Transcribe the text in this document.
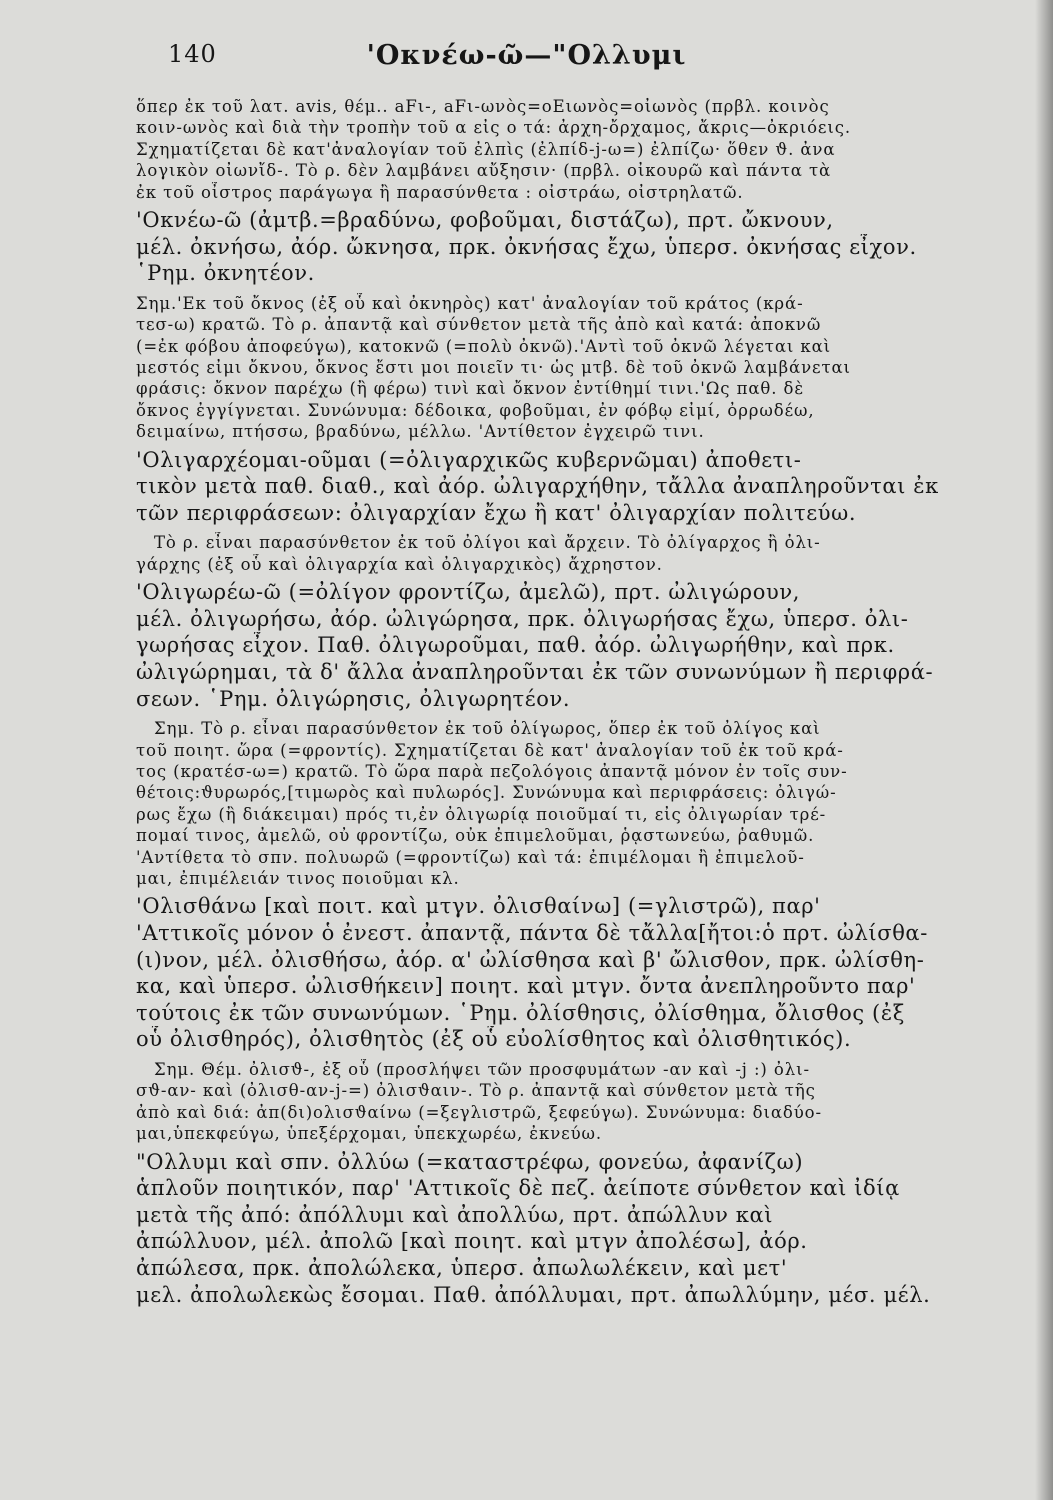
140	'Οκνέω-ῶ—"Ολλυμι
ὅπερ ἐκ τοῦ λατ. avis, θέμ.. aFι-, aFι-ωνὸς=οΕιωνὸς=οἰωνὸς (πρβλ. κοινὸς
κοιν-ωνὸς καὶ διὰ τὴν τροπὴν τοῦ α εἰς ο τά: ἀρχη-ὄρχαμος, ἄκρις—ὀκριόεις.
Σχηματίζεται δὲ κατ'ἀναλογίαν τοῦ ἐλπὶς (ἐλπίδ-j-ω=) ἐλπίζω· ὅθεν ϑ. ἀνα
λογικὸν οἰωνἴδ-. Τὸ ρ. δὲν λαμβάνει αὔξησιν· (πρβλ. οἰκουρῶ καὶ πάντα τὰ
ἐκ τοῦ οἶστρος παράγωγα ἢ παρασύνθετα : οἰστράω, οἰστρηλατῶ.
'Οκνέω-ῶ (ἀμτβ.=βραδύνω, φοβοῦμαι, διστάζω), πρτ. ὤκνουν,
μέλ. ὀκνήσω, ἀόρ. ὤκνησα, πρκ. ὀκνήσας ἔχω, ὑπερσ. ὀκνήσας εἶχον.
῾Ρημ. ὀκνητέον.
Σημ.'Εκ τοῦ ὄκνος (ἐξ οὗ καὶ ὀκνηρὸς) κατ' ἀναλογίαν τοῦ κράτος (κρά-
τεσ-ω) κρατῶ. Τὸ ρ. ἀπαντᾷ καὶ σύνθετον μετὰ τῆς ἀπὸ καὶ κατά: ἀποκνῶ
(=ἐκ φόβου ἀποφεύγω), κατοκνῶ (=πολὺ ὀκνῶ).'Αντὶ τοῦ ὀκνῶ λέγεται καὶ
μεστός εἰμι ὄκνου, ὄκνος ἔστι μοι ποιεῖν τι· ὡς μτβ. δὲ τοῦ ὀκνῶ λαμβάνεται
φράσις: ὄκνον παρέχω (ἢ φέρω) τινὶ καὶ ὄκνον ἐντίθημί τινι.'Ως παθ. δὲ
ὄκνος ἐγγίγνεται. Συνώνυμα: δέδοικα, φοβοῦμαι, ἐν φόβῳ εἰμί, ὀρρωδέω,
δειμαίνω, πτήσσω, βραδύνω, μέλλω. 'Αντίθετον ἐγχειρῶ τινι.
'Ολιγαρχέομαι-οῦμαι (=ὀλιγαρχικῶς κυβερνῶμαι) ἀποθετι-
τικὸν μετὰ παθ. διαθ., καὶ ἀόρ. ὠλιγαρχήθην, τἄλλα ἀναπληροῦνται ἐκ
τῶν περιφράσεων: ὀλιγαρχίαν ἔχω ἢ κατ' ὀλιγαρχίαν πολιτεύω.
Τὸ ρ. εἶναι παρασύνθετον ἐκ τοῦ ὀλίγοι καὶ ἄρχειν. Τὸ ὀλίγαρχος ἢ ὀλι-
γάρχης (ἐξ οὗ καὶ ὀλιγαρχία καὶ ὀλιγαρχικὸς) ἄχρηστον.
'Ολιγωρέω-ῶ (=ὀλίγον φροντίζω, ἀμελῶ), πρτ. ὠλιγώρουν,
μέλ. ὀλιγωρήσω, ἀόρ. ὠλιγώρησα, πρκ. ὀλιγωρήσας ἔχω, ὑπερσ. ὀλι-
γωρήσας εἶχον. Παθ. ὀλιγωροῦμαι, παθ. ἀόρ. ὠλιγωρήθην, καὶ πρκ.
ὠλιγώρημαι, τὰ δ' ἄλλα ἀναπληροῦνται ἐκ τῶν συνωνύμων ἢ περιφρά-
σεων. ῾Ρημ. ὀλιγώρησις, ὀλιγωρητέον.
Σημ. Τὸ ρ. εἶναι παρασύνθετον ἐκ τοῦ ὀλίγωρος, ὅπερ ἐκ τοῦ ὀλίγος καὶ
τοῦ ποιητ. ὥρα (=φροντίς). Σχηματίζεται δὲ κατ' ἀναλογίαν τοῦ ἐκ τοῦ κρά-
τος (κρατέσ-ω=) κρατῶ. Τὸ ὥρα παρὰ πεζολόγοις ἀπαντᾷ μόνον ἐν τοῖς συν-
θέτοις:ϑυρωρός,[τιμωρὸς καὶ πυλωρός]. Συνώνυμα καὶ περιφράσεις: ὀλιγώ-
ρως ἔχω (ἢ διάκειμαι) πρός τι,ἐν ὀλιγωρίᾳ ποιοῦμαί τι, εἰς ὀλιγωρίαν τρέ-
πομαί τινος, ἀμελῶ, οὐ φροντίζω, οὐκ ἐπιμελοῦμαι, ῥᾳστωνεύω, ῥαθυμῶ.
'Αντίθετα τὸ σπν. πολυωρῶ (=φροντίζω) καὶ τά: ἐπιμέλομαι ἢ ἐπιμελοῦ-
μαι, ἐπιμέλειάν τινος ποιοῦμαι κλ.
'Ολισθάνω [καὶ ποιτ. καὶ μτγν. ὀλισθαίνω] (=γλιστρῶ), παρ'
'Αττικοῖς μόνον ὁ ἐνεστ. ἀπαντᾷ, πάντα δὲ τἄλλα[ἤτοι:ὁ πρτ. ὠλίσθα-
(ι)νον, μέλ. ὀλισθήσω, ἀόρ. α' ὠλίσθησα καὶ β' ὤλισθον, πρκ. ὠλίσθη-
κα, καὶ ὑπερσ. ὠλισθήκειν] ποιητ. καὶ μτγν. ὄντα ἀνεπληροῦντο παρ'
τούτοις ἐκ τῶν συνωνύμων. ῾Ρημ. ὀλίσθησις, ὀλίσθημα, ὄλισθος (ἐξ
οὗ ὀλισθηρός), ὀλισθητὸς (ἐξ οὗ εὐολίσθητος καὶ ὀλισθητικός).
Σημ. Θέμ. ὀλισϑ-, ἐξ οὗ (προσλήψει τῶν προσφυμάτων -αν καὶ -j :) ὀλι-
σϑ-αν- καὶ (ὀλισθ-αν-j-=) ὀλισϑαιν-. Τὸ ρ. ἀπαντᾷ καὶ σύνθετον μετὰ τῆς
ἀπὸ καὶ διά: ἀπ(δι)ολισϑαίνω (=ξεγλιστρῶ, ξεφεύγω). Συνώνυμα: διαδύο-
μαι,ὑπεκφεύγω, ὑπεξέρχομαι, ὑπεκχωρέω, ἐκνεύω.
"Ολλυμι καὶ σπν. ὀλλύω (=καταστρέφω, φονεύω, ἀφανίζω)
ἁπλοῦν ποιητικόν, παρ' 'Αττικοῖς δὲ πεζ. ἀείποτε σύνθετον καὶ ἰδίᾳ
μετὰ τῆς ἀπό: ἀπόλλυμι καὶ ἀπολλύω, πρτ. ἀπώλλυν καὶ
ἀπώλλυον, μέλ. ἀπολῶ [καὶ ποιητ. καὶ μτγν ἀπολέσω], ἀόρ.
ἀπώλεσα, πρκ. ἀπολώλεκα, ὑπερσ. ἀπωλωλέκειν, καὶ μετ'
μελ. ἀπολωλεκὼς ἔσομαι. Παθ. ἀπόλλυμαι, πρτ. ἀπωλλύμην, μέσ. μέλ.
